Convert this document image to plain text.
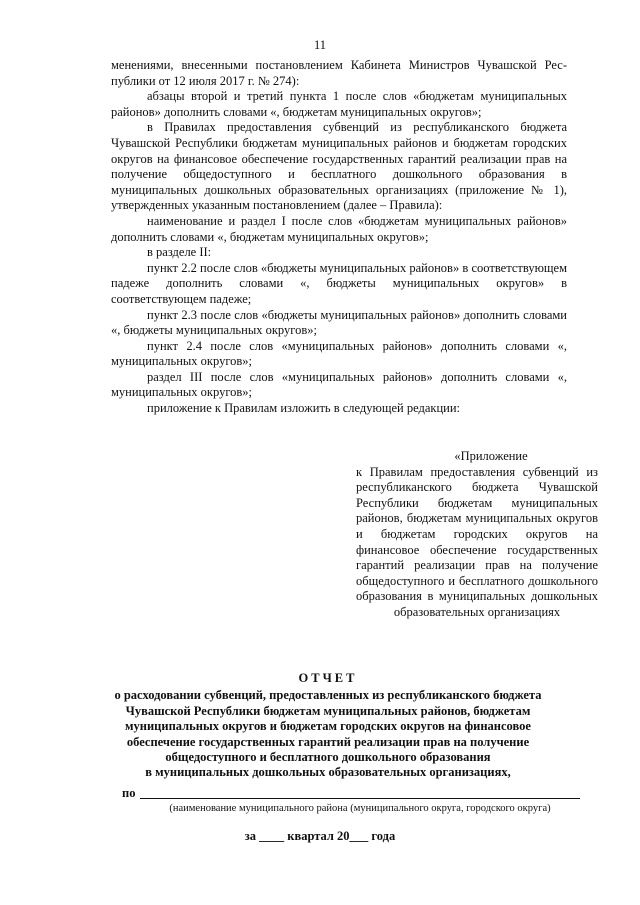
11

менениями, внесенными постановлением Кабинета Министров Чувашской Рес-публики от 12 июля 2017 г. № 274):

абзацы второй и третий пункта 1 после слов «бюджетам муниципальных районов» дополнить словами «, бюджетам муниципальных округов»;

в Правилах предоставления субвенций из республиканского бюджета Чувашской Республики бюджетам муниципальных районов и бюджетам городских округов на финансовое обеспечение государственных гарантий реализации прав на получение общедоступного и бесплатного дошкольного образования в муниципальных дошкольных образовательных организациях (приложение № 1), утвержденных указанным постановлением (далее – Правила):

наименование и раздел I после слов «бюджетам муниципальных районов» дополнить словами «, бюджетам муниципальных округов»;

в разделе II:

пункт 2.2 после слов «бюджеты муниципальных районов» в соответствующем падеже дополнить словами «, бюджеты муниципальных округов» в соответствующем падеже;

пункт 2.3 после слов «бюджеты муниципальных районов» дополнить словами «, бюджеты муниципальных округов»;

пункт 2.4 после слов «муниципальных районов» дополнить словами «, муниципальных округов»;

раздел III после слов «муниципальных районов» дополнить словами «, муниципальных округов»;

приложение к Правилам изложить в следующей редакции:

«Приложение

к Правилам предоставления субвенций из республиканского бюджета Чувашской Республики бюджетам муниципальных районов, бюджетам муниципальных округов и бюджетам городских округов на финансовое обеспечение государственных гарантий реализации прав на получение общедоступного и бесплатного дошкольного образования в муниципальных дошкольных образовательных организациях

ОТЧЕТ
о расходовании субвенций, предоставленных из республиканского бюджета
Чувашской Республики бюджетам муниципальных районов, бюджетам
муниципальных округов и бюджетам городских округов на финансовое
обеспечение государственных гарантий реализации прав на получение
общедоступного и бесплатного дошкольного образования
в муниципальных дошкольных образовательных организациях,
по
(наименование муниципального района (муниципального округа, городского округа)
за ____ квартал 20___ года
